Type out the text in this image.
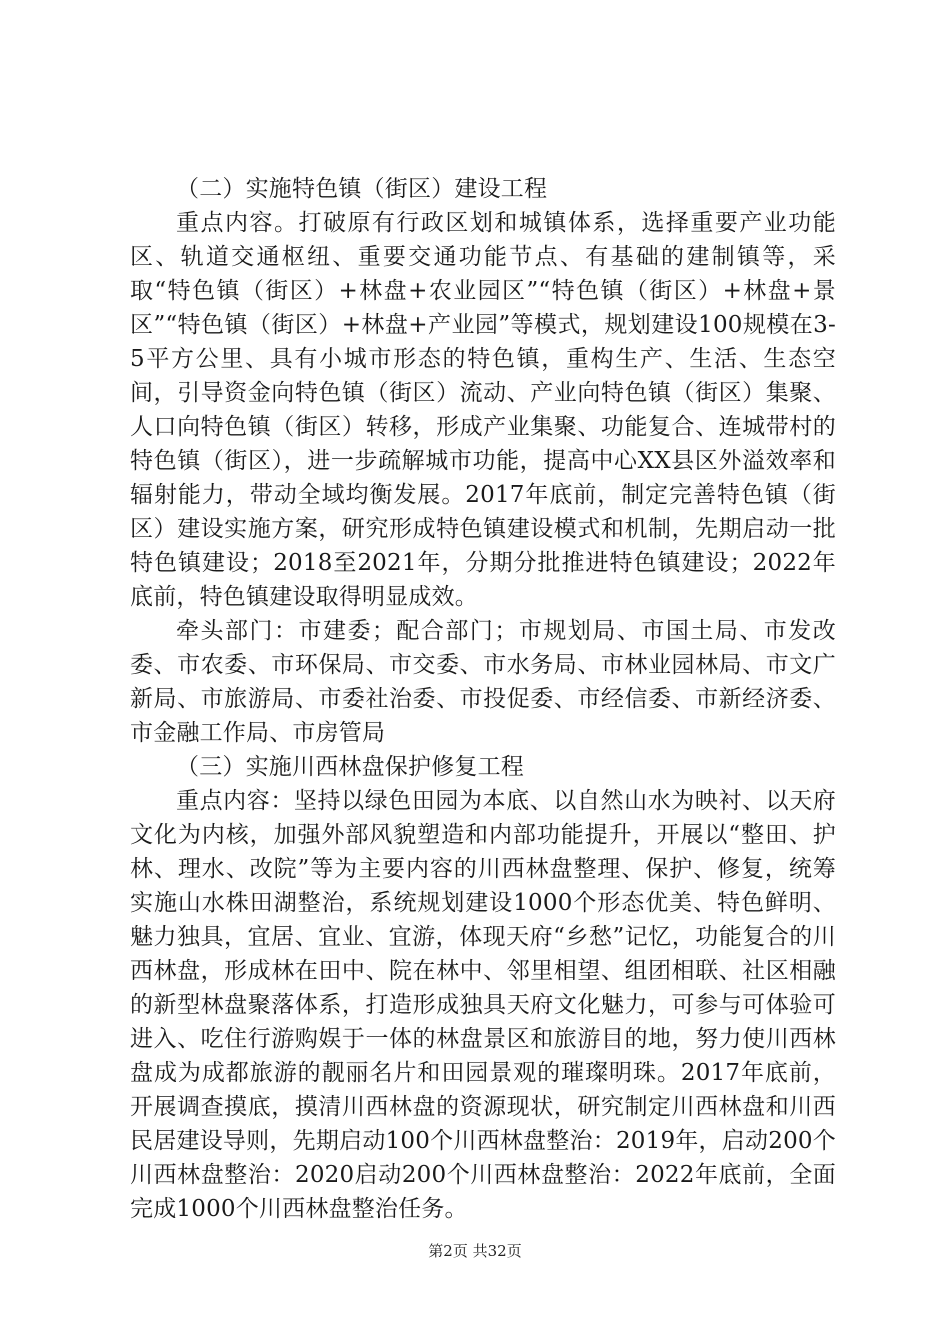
（二）实施特色镇（街区）建设工程

重点内容。打破原有行政区划和城镇体系，选择重要产业功能区、轨道交通枢纽、重要交通功能节点、有基础的建制镇等，采取“特色镇（街区）+林盘+农业园区”“特色镇（街区）+林盘+景区”“特色镇（街区）+林盘+产业园”等模式，规划建设100规模在3-5平方公里、具有小城市形态的特色镇，重构生产、生活、生态空间，引导资金向特色镇（街区）流动、产业向特色镇（街区）集聚、人口向特色镇（街区）转移，形成产业集聚、功能复合、连城带村的特色镇（街区），进一步疏解城市功能，提高中心XX县区外溢效率和辐射能力，带动全域均衡发展。2017年底前，制定完善特色镇（街区）建设实施方案，研究形成特色镇建设模式和机制，先期启动一批特色镇建设；2018至2021年，分期分批推进特色镇建设；2022年底前，特色镇建设取得明显成效。

牵头部门：市建委；配合部门；市规划局、市国土局、市发改委、市农委、市环保局、市交委、市水务局、市林业园林局、市文广新局、市旅游局、市委社治委、市投促委、市经信委、市新经济委、市金融工作局、市房管局

（三）实施川西林盘保护修复工程

重点内容：坚持以绿色田园为本底、以自然山水为映衬、以天府文化为内核，加强外部风貌塑造和内部功能提升，开展以“整田、护林、理水、改院”等为主要内容的川西林盘整理、保护、修复，统筹实施山水株田湖整治，系统规划建设1000个形态优美、特色鲜明、魅力独具，宜居、宜业、宜游，体现天府“乡愁”记忆，功能复合的川西林盘，形成林在田中、院在林中、邻里相望、组团相联、社区相融的新型林盘聚落体系，打造形成独具天府文化魅力，可参与可体验可进入、吃住行游购娱于一体的林盘景区和旅游目的地，努力使川西林盘成为成都旅游的靓丽名片和田园景观的璀璨明珠。2017年底前，开展调查摸底，摸清川西林盘的资源现状，研究制定川西林盘和川西民居建设导则，先期启动100个川西林盘整治：2019年，启动200个川西林盘整治：2020启动200个川西林盘整治：2022年底前，全面完成1000个川西林盘整治任务。

第2页 共32页
